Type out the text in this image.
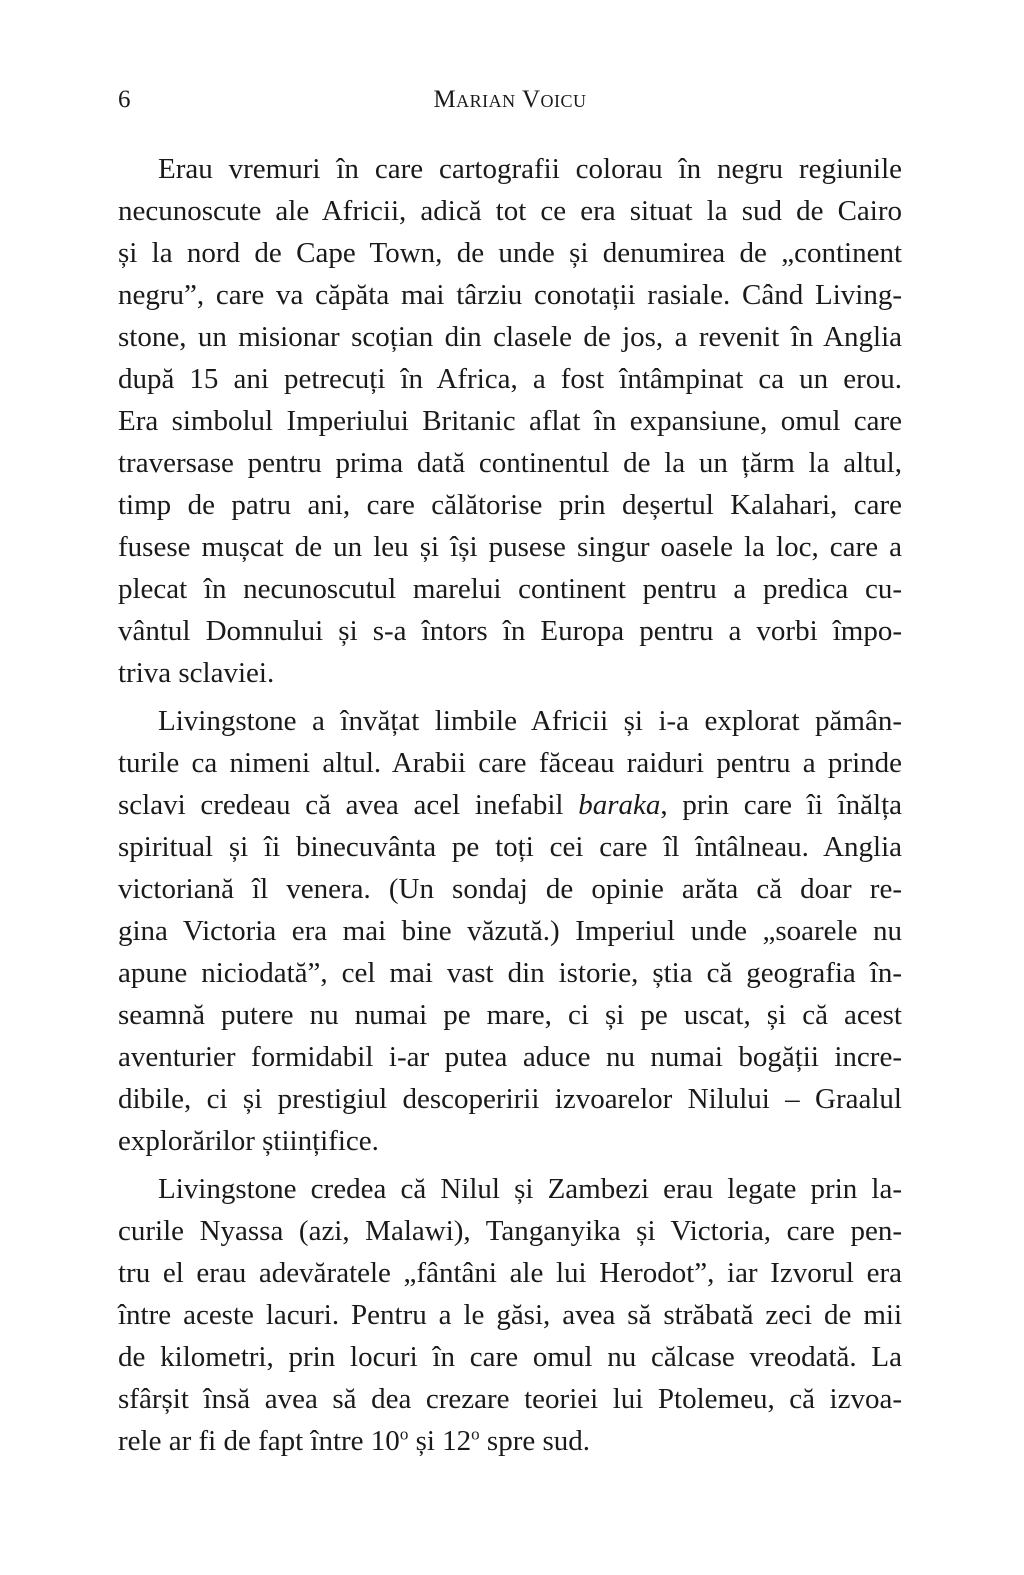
6	Marian Voicu
Erau vremuri în care cartografii colorau în negru regiunile
necunoscute ale Africii, adică tot ce era situat la sud de Cairo
și la nord de Cape Town, de unde și denumirea de „continent
negru”, care va căpăta mai târziu conotații rasiale. Când Living-
stone, un misionar scoțian din clasele de jos, a revenit în Anglia
după 15 ani petrecuți în Africa, a fost întâmpinat ca un erou.
Era simbolul Imperiului Britanic aflat în expansiune, omul care
traversase pentru prima dată continentul de la un țărm la altul,
timp de patru ani, care călătorise prin deșertul Kalahari, care
fusese mușcat de un leu și își pusese singur oasele la loc, care a
plecat în necunoscutul marelui continent pentru a predica cu-
vântul Domnului și s-a întors în Europa pentru a vorbi împo-
triva sclaviei.
Livingstone a învățat limbile Africii și i-a explorat pămân-
turile ca nimeni altul. Arabii care făceau raiduri pentru a prinde
sclavi credeau că avea acel inefabil baraka, prin care îi înălța
spiritual și îi binecuvânta pe toți cei care îl întâlneau. Anglia
victoriană îl venera. (Un sondaj de opinie arăta că doar re-
gina Victoria era mai bine văzută.) Imperiul unde „soarele nu
apune niciodată”, cel mai vast din istorie, știa că geografia în-
seamnă putere nu numai pe mare, ci și pe uscat, și că acest
aventurier formidabil i-ar putea aduce nu numai bogății incre-
dibile, ci și prestigiul descoperirii izvoarelor Nilului – Graalul
explorărilor științifice.
Livingstone credea că Nilul și Zambezi erau legate prin la-
curile Nyassa (azi, Malawi), Tanganyika și Victoria, care pen-
tru el erau adevăratele „fântâni ale lui Herodot”, iar Izvorul era
între aceste lacuri. Pentru a le găsi, avea să străbată zeci de mii
de kilometri, prin locuri în care omul nu călcase vreodată. La
sfârșit însă avea să dea crezare teoriei lui Ptolemeu, că izvoa-
rele ar fi de fapt între 10$^o$ și 12$^o$ spre sud.
